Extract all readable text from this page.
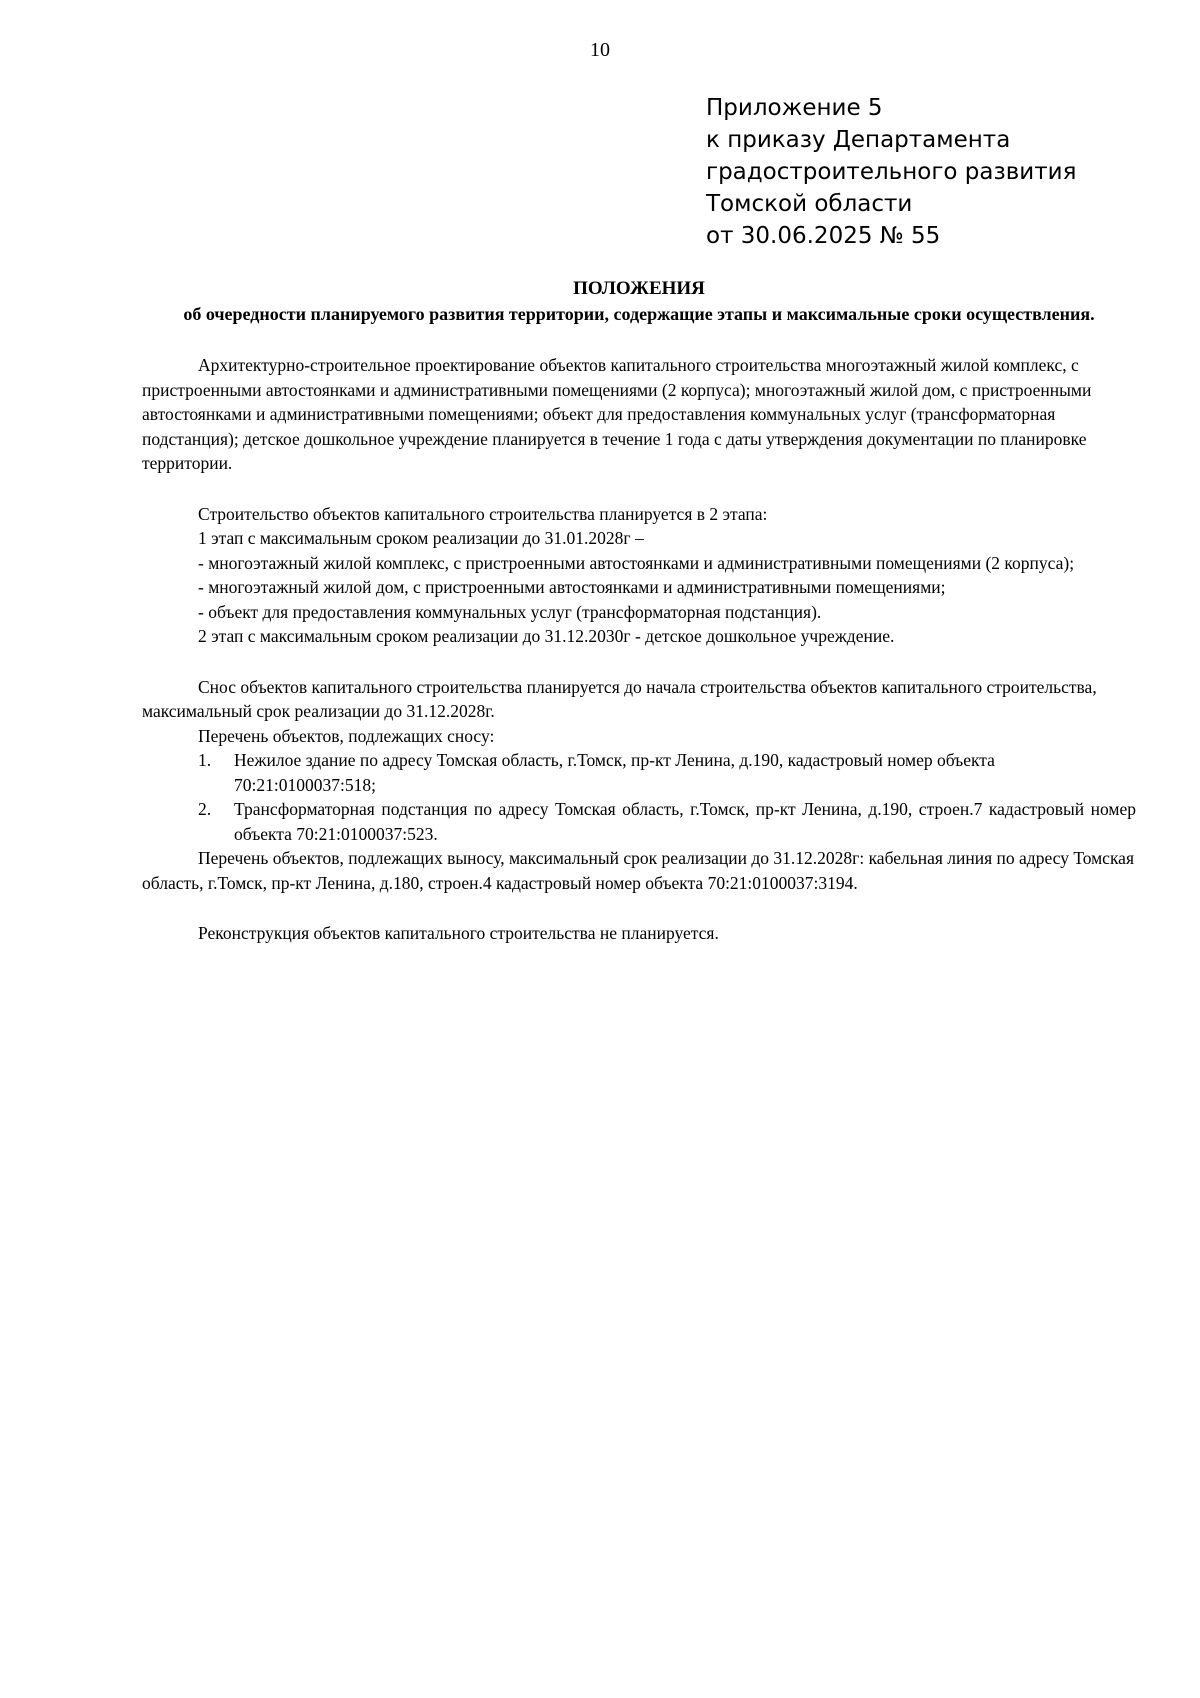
10
Приложение 5
к приказу Департамента
градостроительного развития
Томской области
от 30.06.2025 № 55
ПОЛОЖЕНИЯ
об очередности планируемого развития территории, содержащие этапы и максимальные сроки осуществления.

Архитектурно-строительное проектирование объектов капитального строительства многоэтажный жилой комплекс, с пристроенными автостоянками и административными помещениями (2 корпуса); многоэтажный жилой дом, с пристроенными автостоянками и административными помещениями; объект для предоставления коммунальных услуг (трансформаторная подстанция); детское дошкольное учреждение планируется в течение 1 года с даты утверждения документации по планировке территории.

Строительство объектов капитального строительства планируется в 2 этапа:

1 этап с максимальным сроком реализации до 31.01.2028г –

- многоэтажный жилой комплекс, с пристроенными автостоянками и административными помещениями (2 корпуса);

- многоэтажный жилой дом, с пристроенными автостоянками и административными помещениями;

- объект для предоставления коммунальных услуг (трансформаторная подстанция).

2 этап с максимальным сроком реализации до 31.12.2030г - детское дошкольное учреждение.

Снос объектов капитального строительства планируется до начала строительства объектов капитального строительства, максимальный срок реализации до 31.12.2028г.

Перечень объектов, подлежащих сносу:

1. Нежилое здание по адресу Томская область, г.Томск, пр-кт Ленина, д.190, кадастровый номер объекта 70:21:0100037:518;
2. Трансформаторная подстанция по адресу Томская область, г.Томск, пр-кт Ленина, д.190, строен.7 кадастровый номер объекта 70:21:0100037:523.

Перечень объектов, подлежащих выносу, максимальный срок реализации до 31.12.2028г: кабельная линия по адресу Томская область, г.Томск, пр-кт Ленина, д.180, строен.4 кадастровый номер объекта 70:21:0100037:3194.

Реконструкция объектов капитального строительства не планируется.
